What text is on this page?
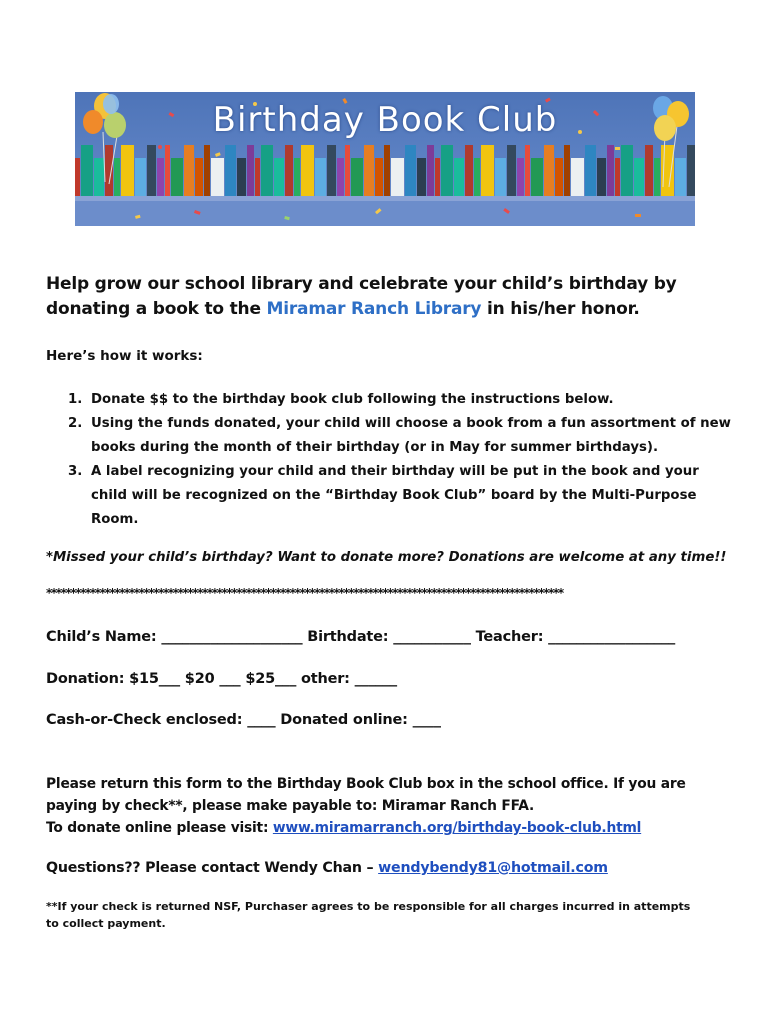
Birthday Book Club
Help grow our school library and celebrate your child’s birthday by donating a book to the Miramar Ranch Library in his/her honor.
Here’s how it works:
1. Donate $$ to the birthday book club following the instructions below.
2. Using the funds donated, your child will choose a book from a fun assortment of new books during the month of their birthday (or in May for summer birthdays).
3. A label recognizing your child and their birthday will be put in the book and your child will be recognized on the “Birthday Book Club” board by the Multi-Purpose Room.
*Missed your child’s birthday? Want to donate more? Donations are welcome at any time!!
**********************************************************************************************************
Child’s Name: ____________________ Birthdate: ___________ Teacher: __________________
Donation: $15___ $20 ___ $25___ other: ______
Cash-or-Check enclosed: ____ Donated online: ____
Please return this form to the Birthday Book Club box in the school office. If you are paying by check**, please make payable to: Miramar Ranch FFA.
To donate online please visit: www.miramarranch.org/birthday-book-club.html
Questions?? Please contact Wendy Chan – wendybendy81@hotmail.com
**If your check is returned NSF, Purchaser agrees to be responsible for all charges incurred in attempts to collect payment.
